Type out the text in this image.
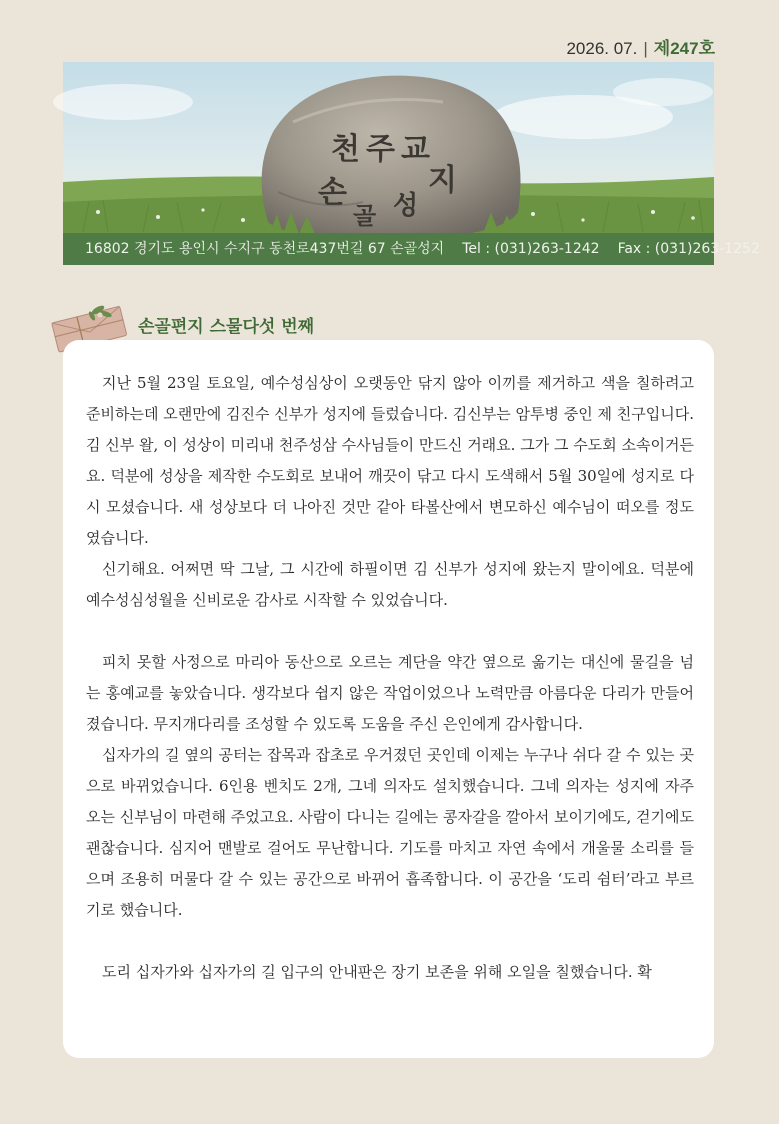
2026. 07. | 제247호
천주교
손	지
골 성
16802 경기도 용인시 수지구 동천로437번길 67 손골성지 Tel : (031)263-1242 Fax : (031)263-1252
손골편지 스물다섯 번째

지난 5월 23일 토요일, 예수성심상이 오랫동안 닦지 않아 이끼를 제거하고 색을 칠하려고 준비하는데 오랜만에 김진수 신부가 성지에 들렀습니다. 김신부는 암투병 중인 제 친구입니다. 김 신부 왈, 이 성상이 미리내 천주성삼 수사님들이 만드신 거래요. 그가 그 수도회 소속이거든요. 덕분에 성상을 제작한 수도회로 보내어 깨끗이 닦고 다시 도색해서 5월 30일에 성지로 다시 모셨습니다. 새 성상보다 더 나아진 것만 같아 타볼산에서 변모하신 예수님이 떠오를 정도였습니다.

신기해요. 어쩌면 딱 그날, 그 시간에 하필이면 김 신부가 성지에 왔는지 말이에요. 덕분에 예수성심성월을 신비로운 감사로 시작할 수 있었습니다.

피치 못할 사정으로 마리아 동산으로 오르는 계단을 약간 옆으로 옮기는 대신에 물길을 넘는 홍예교를 놓았습니다. 생각보다 쉽지 않은 작업이었으나 노력만큼 아름다운 다리가 만들어졌습니다. 무지개다리를 조성할 수 있도록 도움을 주신 은인에게 감사합니다.

십자가의 길 옆의 공터는 잡목과 잡초로 우거졌던 곳인데 이제는 누구나 쉬다 갈 수 있는 곳으로 바뀌었습니다. 6인용 벤치도 2개, 그네 의자도 설치했습니다. 그네 의자는 성지에 자주 오는 신부님이 마련해 주었고요. 사람이 다니는 길에는 콩자갈을 깔아서 보이기에도, 걷기에도 괜찮습니다. 심지어 맨발로 걸어도 무난합니다. 기도를 마치고 자연 속에서 개울물 소리를 들으며 조용히 머물다 갈 수 있는 공간으로 바뀌어 흡족합니다. 이 공간을 ‘도리 쉼터’라고 부르기로 했습니다.

도리 십자가와 십자가의 길 입구의 안내판은 장기 보존을 위해 오일을 칠했습니다. 확
